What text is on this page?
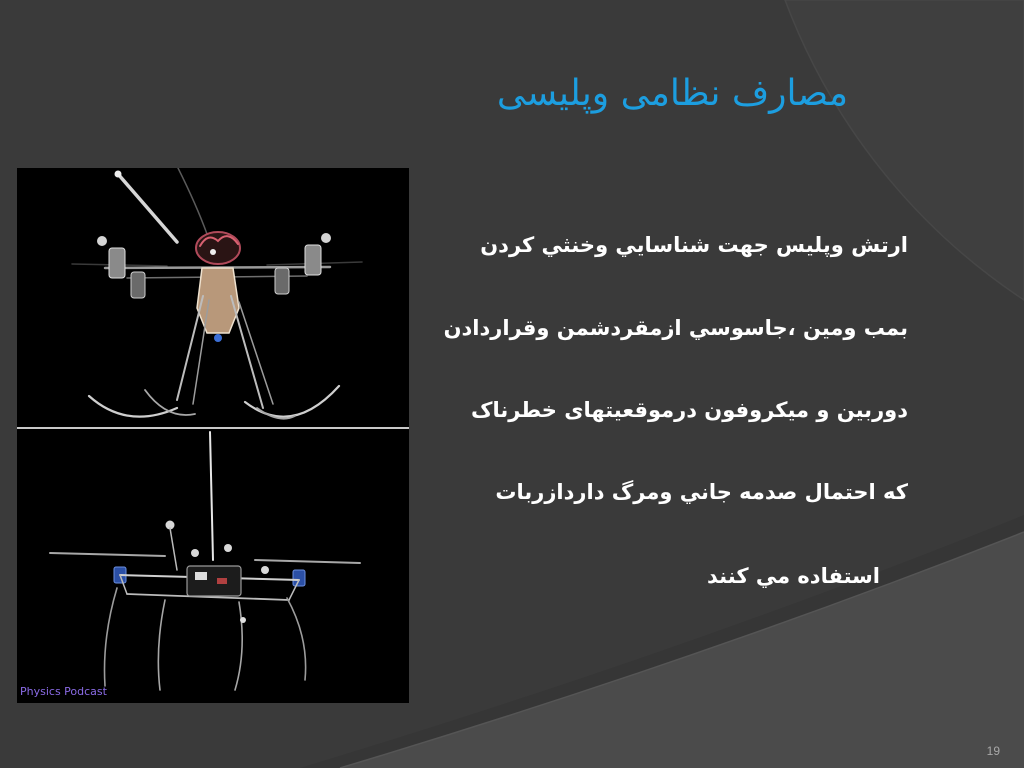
مصارف نظامی وپلیسی

ارتش وپلیس جهت شناسايي وخنثي كردن

بمب ومين ،جاسوسي ازمقردشمن وقراردادن

دوربين و ميكروفون درموقعیتهای خطرناک

كه احتمال صدمه جاني ومرگ داردازربات

استفاده مي كنند

Physics Podcast
19
